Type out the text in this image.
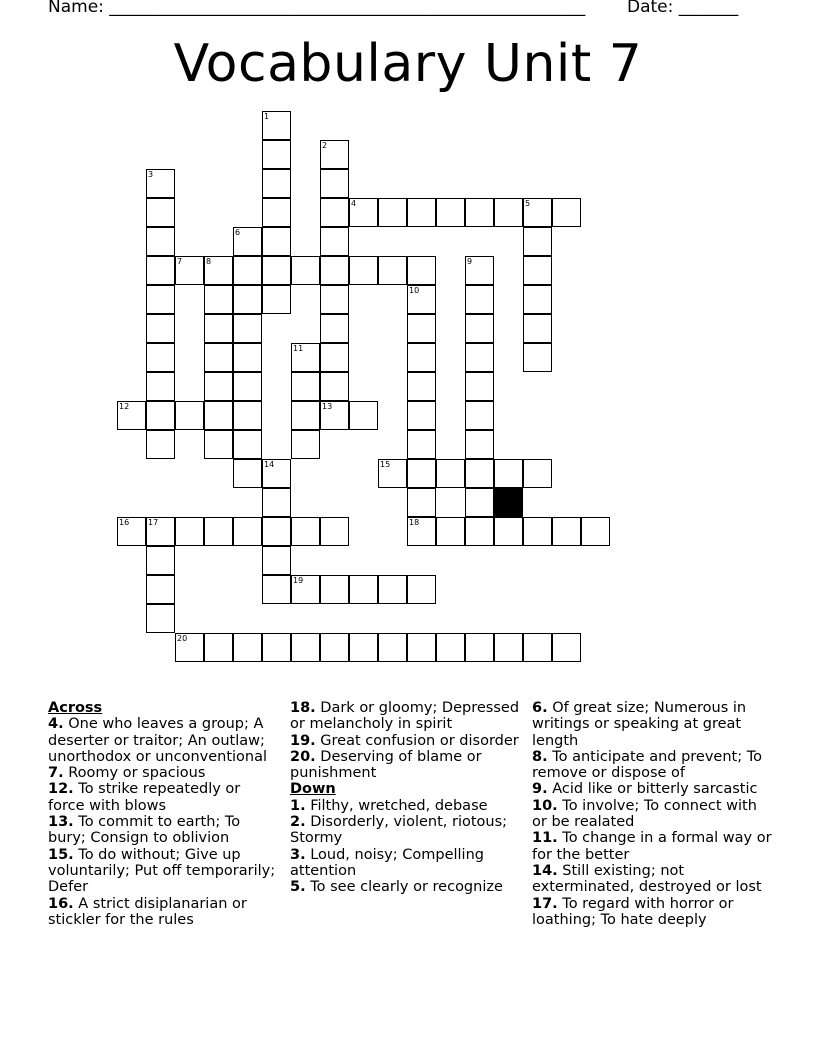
Name: ________________________________________________________ Date: _______
Vocabulary Unit 7
1
2
3
4	5
6
7	8	9
10
11
12	13
14	15
16 17	18
19
20
Across
4. One who leaves a group; A deserter or traitor; An outlaw; unorthodox or unconventional
7. Roomy or spacious
12. To strike repeatedly or force with blows
13. To commit to earth; To bury; Consign to oblivion
15. To do without; Give up voluntarily; Put off temporarily; Defer
16. A strict disiplanarian or stickler for the rules
18. Dark or gloomy; Depressed or melancholy in spirit
19. Great confusion or disorder
20. Deserving of blame or punishment
Down
1. Filthy, wretched, debase
2. Disorderly, violent, riotous; Stormy
3. Loud, noisy; Compelling attention
5. To see clearly or recognize
6. Of great size; Numerous in writings or speaking at great length
8. To anticipate and prevent; To remove or dispose of
9. Acid like or bitterly sarcastic
10. To involve; To connect with or be realated
11. To change in a formal way or for the better
14. Still existing; not exterminated, destroyed or lost
17. To regard with horror or loathing; To hate deeply
